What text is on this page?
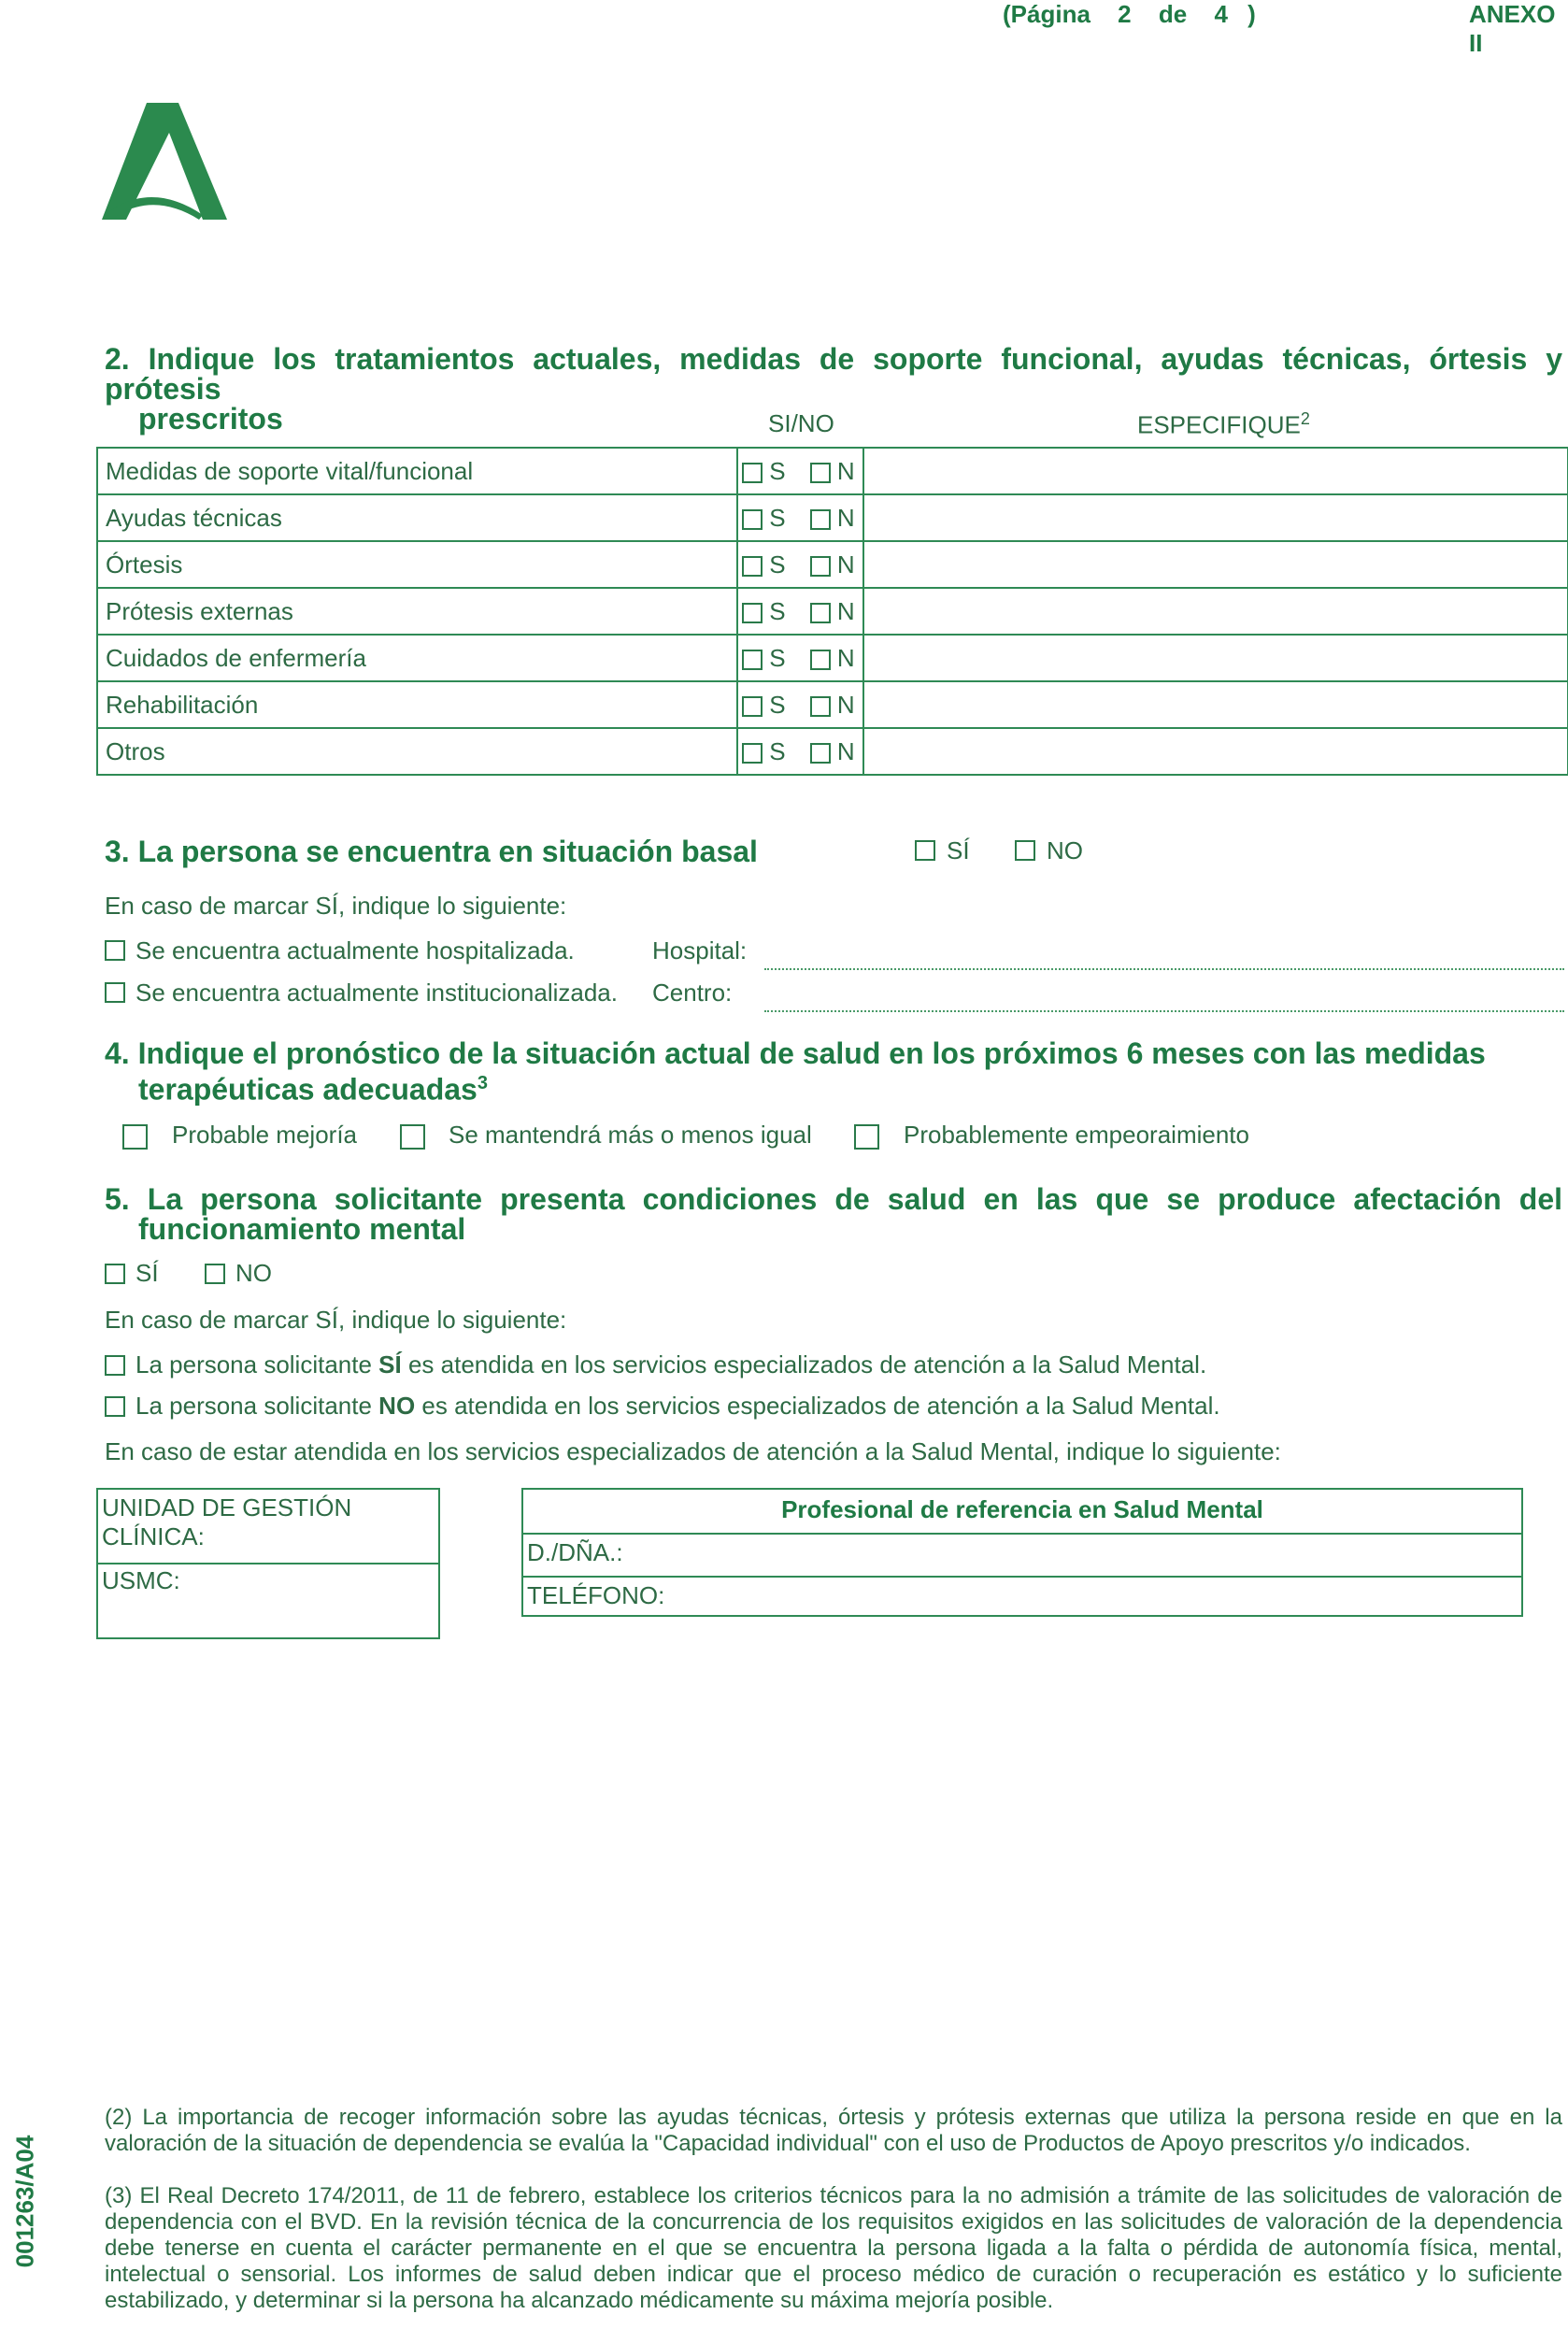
(Página 2 de 4 )	ANEXO II
2. Indique los tratamientos actuales, medidas de soporte funcional, ayudas técnicas, órtesis y prótesis
prescritos	SI/NO	ESPECIFIQUE$^2$
Medidas de soporte vital/funcional	S N	
Ayudas técnicas	S N	
Órtesis	S N	
Prótesis externas	S N	
Cuidados de enfermería	S N	
Rehabilitación	S N	
Otros	S N	
3. La persona se encuentra en situación basal	SÍ	NO
En caso de marcar SÍ, indique lo siguiente:
Se encuentra actualmente hospitalizada.	Hospital:
Se encuentra actualmente institucionalizada. Centro:
4. Indique el pronóstico de la situación actual de salud en los próximos 6 meses con las medidas
terapéuticas adecuadas$^3$
Probable mejoría	Se mantendrá más o menos igual	Probablemente empeoraimiento
5. La persona solicitante presenta condiciones de salud en las que se produce afectación del
funcionamiento mental
SÍ	NO
En caso de marcar SÍ, indique lo siguiente:
La persona solicitante SÍ es atendida en los servicios especializados de atención a la Salud Mental.
La persona solicitante NO es atendida en los servicios especializados de atención a la Salud Mental.
En caso de estar atendida en los servicios especializados de atención a la Salud Mental, indique lo siguiente:
UNIDAD DE GESTIÓN CLÍNICA:
USMC:
Profesional de referencia en Salud Mental
D./DÑA.:
TELÉFONO:
(2) La importancia de recoger información sobre las ayudas técnicas, órtesis y prótesis externas que utiliza la persona reside en que en la valoración de la situación de dependencia se evalúa la "Capacidad individual" con el uso de Productos de Apoyo prescritos y/o indicados.
(3) El Real Decreto 174/2011, de 11 de febrero, establece los criterios técnicos para la no admisión a trámite de las solicitudes de valoración de dependencia con el BVD. En la revisión técnica de la concurrencia de los requisitos exigidos en las solicitudes de valoración de la dependencia debe tenerse en cuenta el carácter permanente en el que se encuentra la persona ligada a la falta o pérdida de autonomía física, mental, intelectual o sensorial. Los informes de salud deben indicar que el proceso médico de curación o recuperación es estático y lo suficiente estabilizado, y determinar si la persona ha alcanzado médicamente su máxima mejoría posible.
001263/A04
